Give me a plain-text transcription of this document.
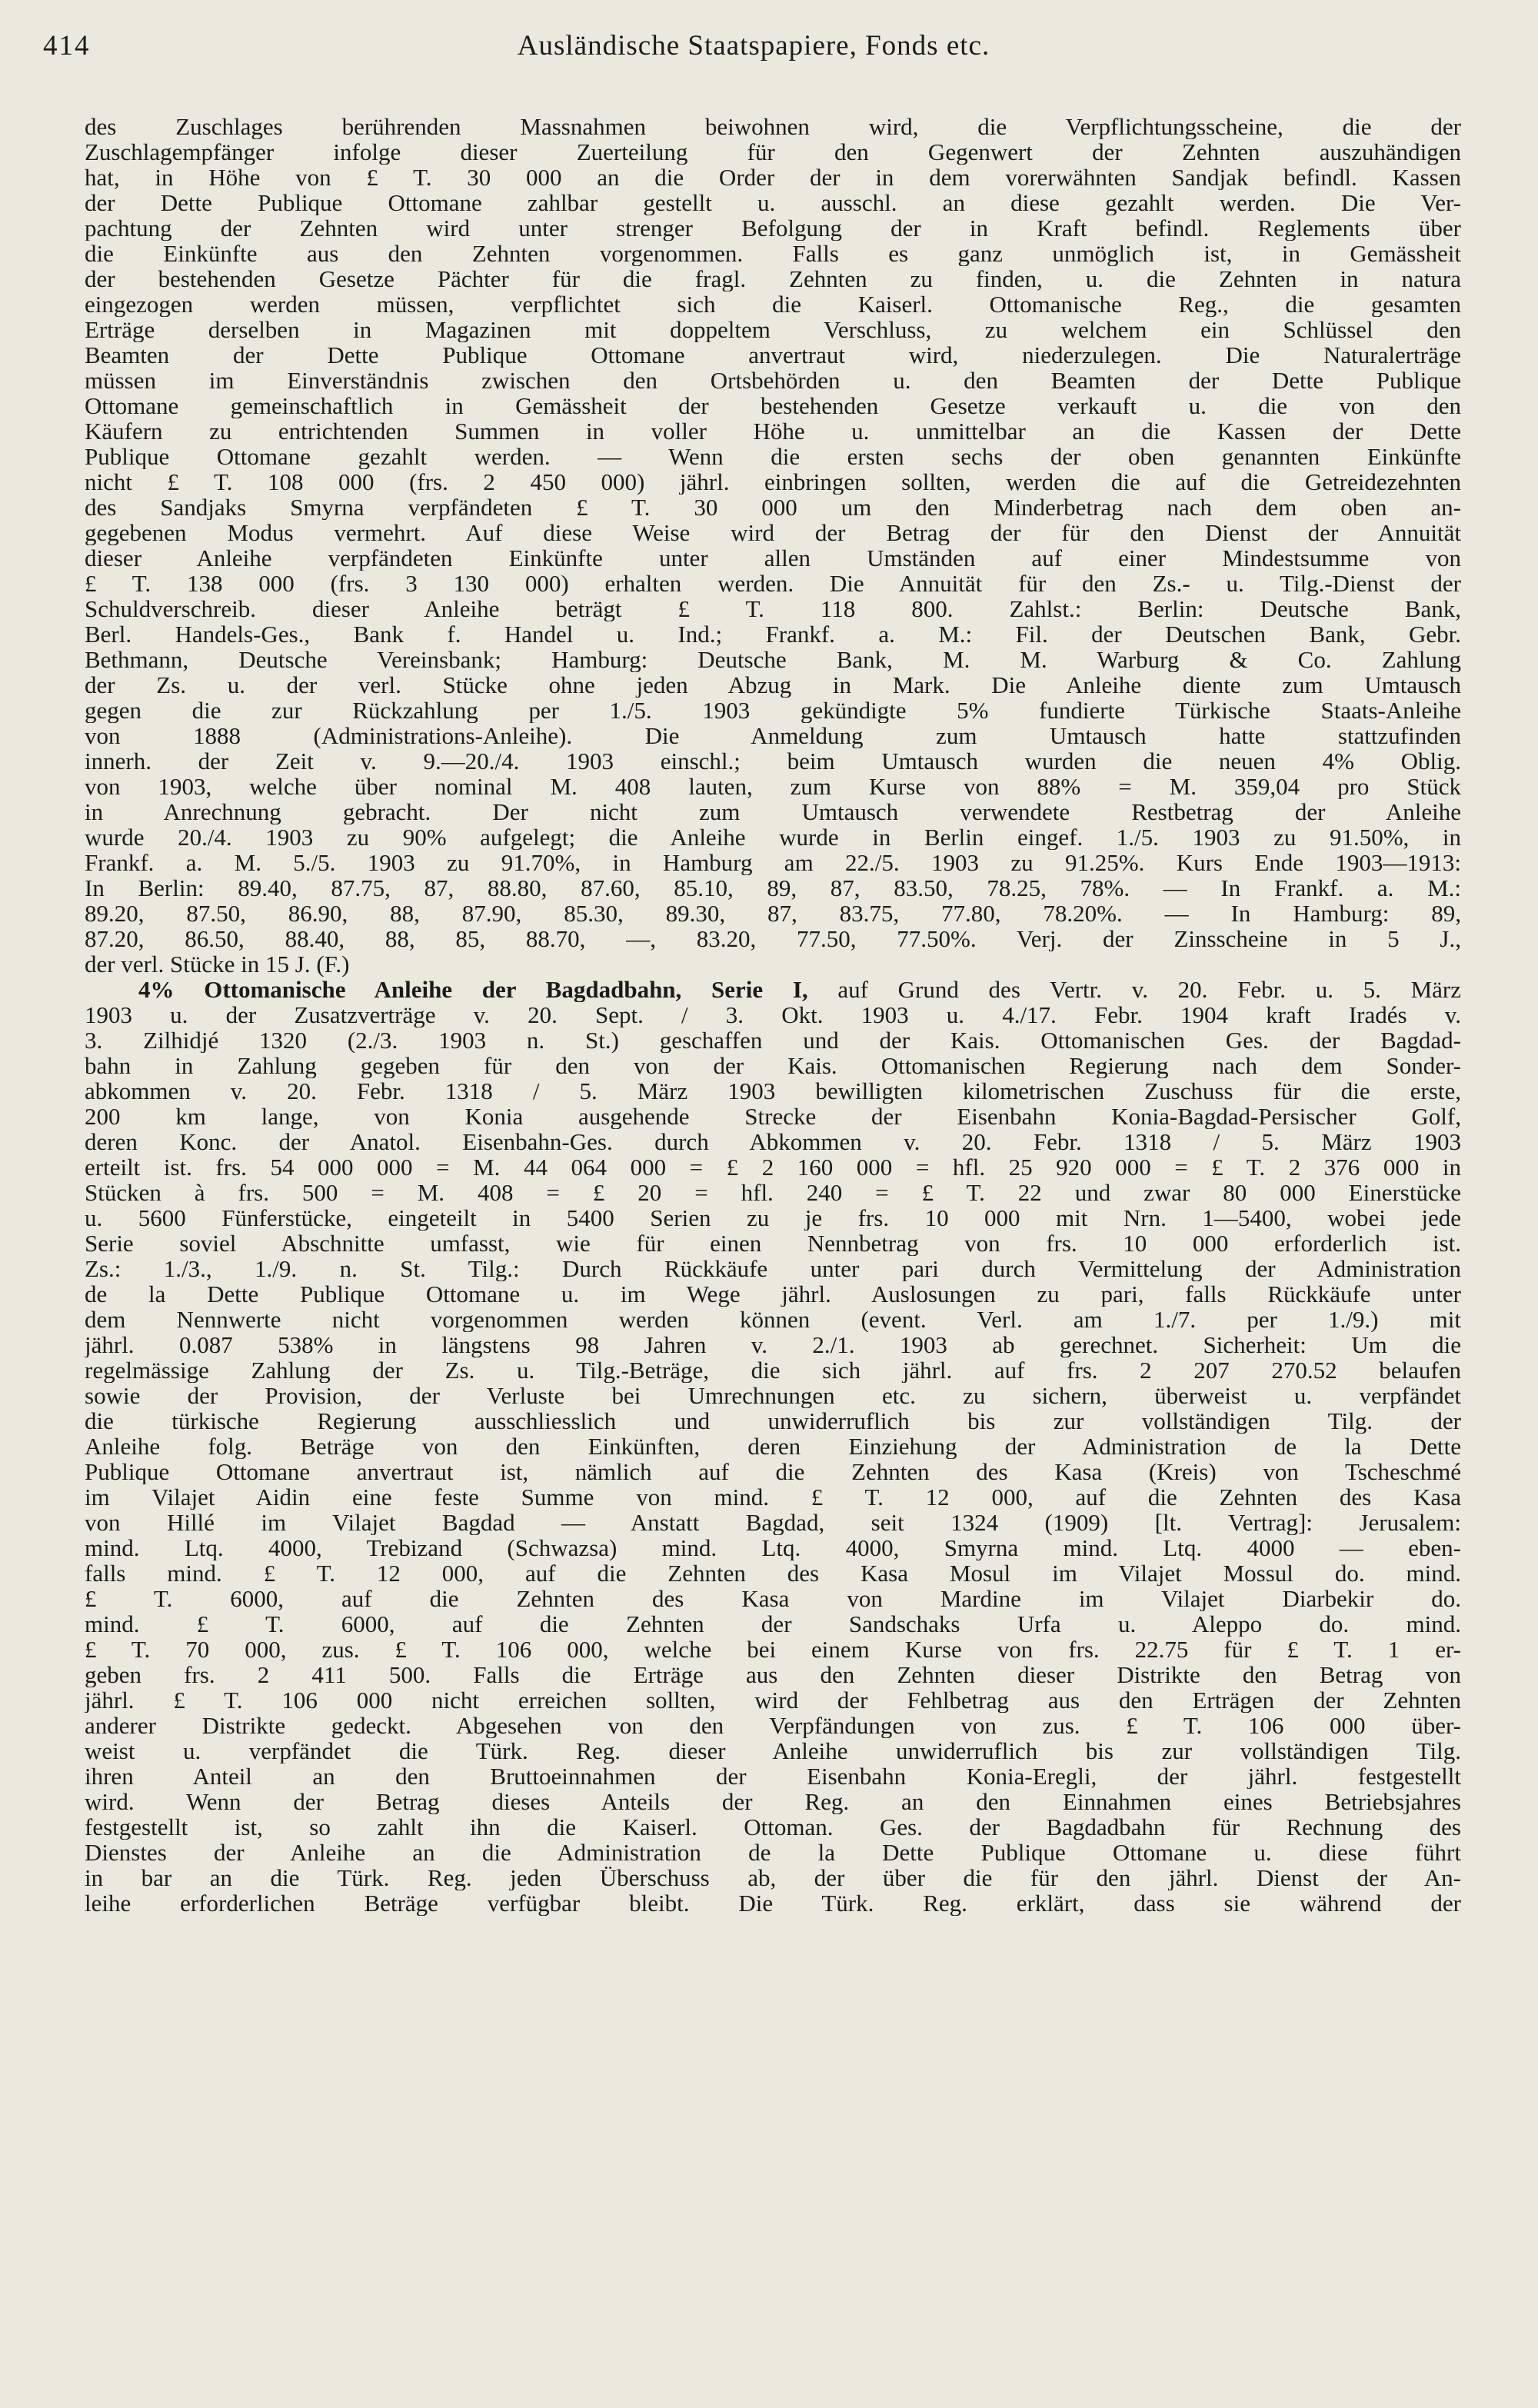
414	Ausländische Staatspapiere, Fonds etc.
des Zuschlages berührenden Massnahmen beiwohnen wird, die Verpflichtungsscheine, die der
Zuschlagempfänger infolge dieser Zuerteilung für den Gegenwert der Zehnten auszuhändigen
hat, in Höhe von £ T. 30 000 an die Order der in dem vorerwähnten Sandjak befindl. Kassen
der Dette Publique Ottomane zahlbar gestellt u. ausschl. an diese gezahlt werden. Die Ver-
pachtung der Zehnten wird unter strenger Befolgung der in Kraft befindl. Reglements über
die Einkünfte aus den Zehnten vorgenommen. Falls es ganz unmöglich ist, in Gemässheit
der bestehenden Gesetze Pächter für die fragl. Zehnten zu finden, u. die Zehnten in natura
eingezogen werden müssen, verpflichtet sich die Kaiserl. Ottomanische Reg., die gesamten
Erträge derselben in Magazinen mit doppeltem Verschluss, zu welchem ein Schlüssel den
Beamten der Dette Publique Ottomane anvertraut wird, niederzulegen. Die Naturalerträge
müssen im Einverständnis zwischen den Ortsbehörden u. den Beamten der Dette Publique
Ottomane gemeinschaftlich in Gemässheit der bestehenden Gesetze verkauft u. die von den
Käufern zu entrichtenden Summen in voller Höhe u. unmittelbar an die Kassen der Dette
Publique Ottomane gezahlt werden. — Wenn die ersten sechs der oben genannten Einkünfte
nicht £ T. 108 000 (frs. 2 450 000) jährl. einbringen sollten, werden die auf die Getreidezehnten
des Sandjaks Smyrna verpfändeten £ T. 30 000 um den Minderbetrag nach dem oben an-
gegebenen Modus vermehrt. Auf diese Weise wird der Betrag der für den Dienst der Annuität
dieser Anleihe verpfändeten Einkünfte unter allen Umständen auf einer Mindestsumme von
£ T. 138 000 (frs. 3 130 000) erhalten werden. Die Annuität für den Zs.- u. Tilg.-Dienst der
Schuldverschreib. dieser Anleihe beträgt £ T. 118 800. Zahlst.: Berlin: Deutsche Bank,
Berl. Handels-Ges., Bank f. Handel u. Ind.; Frankf. a. M.: Fil. der Deutschen Bank, Gebr.
Bethmann, Deutsche Vereinsbank; Hamburg: Deutsche Bank, M. M. Warburg & Co. Zahlung
der Zs. u. der verl. Stücke ohne jeden Abzug in Mark. Die Anleihe diente zum Umtausch
gegen die zur Rückzahlung per 1./5. 1903 gekündigte 5% fundierte Türkische Staats-Anleihe
von 1888 (Administrations-Anleihe). Die Anmeldung zum Umtausch hatte stattzufinden
innerh. der Zeit v. 9.—20./4. 1903 einschl.; beim Umtausch wurden die neuen 4% Oblig.
von 1903, welche über nominal M. 408 lauten, zum Kurse von 88% = M. 359,04 pro Stück
in Anrechnung gebracht. Der nicht zum Umtausch verwendete Restbetrag der Anleihe
wurde 20./4. 1903 zu 90% aufgelegt; die Anleihe wurde in Berlin eingef. 1./5. 1903 zu 91.50%, in
Frankf. a. M. 5./5. 1903 zu 91.70%, in Hamburg am 22./5. 1903 zu 91.25%. Kurs Ende 1903—1913:
In Berlin: 89.40, 87.75, 87, 88.80, 87.60, 85.10, 89, 87, 83.50, 78.25, 78%. — In Frankf. a. M.:
89.20, 87.50, 86.90, 88, 87.90, 85.30, 89.30, 87, 83.75, 77.80, 78.20%. — In Hamburg: 89,
87.20, 86.50, 88.40, 88, 85, 88.70, —, 83.20, 77.50, 77.50%. Verj. der Zinsscheine in 5 J.,
der verl. Stücke in 15 J. (F.)
4% Ottomanische Anleihe der Bagdadbahn, Serie I, auf Grund des Vertr. v. 20. Febr. u. 5. März
1903 u. der Zusatzverträge v. 20. Sept. / 3. Okt. 1903 u. 4./17. Febr. 1904 kraft Iradés v.
3. Zilhidjé 1320 (2./3. 1903 n. St.) geschaffen und der Kais. Ottomanischen Ges. der Bagdad-
bahn in Zahlung gegeben für den von der Kais. Ottomanischen Regierung nach dem Sonder-
abkommen v. 20. Febr. 1318 / 5. März 1903 bewilligten kilometrischen Zuschuss für die erste,
200 km lange, von Konia ausgehende Strecke der Eisenbahn Konia-Bagdad-Persischer Golf,
deren Konc. der Anatol. Eisenbahn-Ges. durch Abkommen v. 20. Febr. 1318 / 5. März 1903
erteilt ist. frs. 54 000 000 = M. 44 064 000 = £ 2 160 000 = hfl. 25 920 000 = £ T. 2 376 000 in
Stücken à frs. 500 = M. 408 = £ 20 = hfl. 240 = £ T. 22 und zwar 80 000 Einerstücke
u. 5600 Fünferstücke, eingeteilt in 5400 Serien zu je frs. 10 000 mit Nrn. 1—5400, wobei jede
Serie soviel Abschnitte umfasst, wie für einen Nennbetrag von frs. 10 000 erforderlich ist.
Zs.: 1./3., 1./9. n. St. Tilg.: Durch Rückkäufe unter pari durch Vermittelung der Administration
de la Dette Publique Ottomane u. im Wege jährl. Auslosungen zu pari, falls Rückkäufe unter
dem Nennwerte nicht vorgenommen werden können (event. Verl. am 1./7. per 1./9.) mit
jährl. 0.087 538% in längstens 98 Jahren v. 2./1. 1903 ab gerechnet. Sicherheit: Um die
regelmässige Zahlung der Zs. u. Tilg.-Beträge, die sich jährl. auf frs. 2 207 270.52 belaufen
sowie der Provision, der Verluste bei Umrechnungen etc. zu sichern, überweist u. verpfändet
die türkische Regierung ausschliesslich und unwiderruflich bis zur vollständigen Tilg. der
Anleihe folg. Beträge von den Einkünften, deren Einziehung der Administration de la Dette
Publique Ottomane anvertraut ist, nämlich auf die Zehnten des Kasa (Kreis) von Tscheschmé
im Vilajet Aidin eine feste Summe von mind. £ T. 12 000, auf die Zehnten des Kasa
von Hillé im Vilajet Bagdad — Anstatt Bagdad, seit 1324 (1909) [lt. Vertrag]: Jerusalem:
mind. Ltq. 4000, Trebizand (Schwazsa) mind. Ltq. 4000, Smyrna mind. Ltq. 4000 — eben-
falls mind. £ T. 12 000, auf die Zehnten des Kasa Mosul im Vilajet Mossul do. mind.
£ T. 6000, auf die Zehnten des Kasa von Mardine im Vilajet Diarbekir do.
mind. £ T. 6000, auf die Zehnten der Sandschaks Urfa u. Aleppo do. mind.
£ T. 70 000, zus. £ T. 106 000, welche bei einem Kurse von frs. 22.75 für £ T. 1 er-
geben frs. 2 411 500. Falls die Erträge aus den Zehnten dieser Distrikte den Betrag von
jährl. £ T. 106 000 nicht erreichen sollten, wird der Fehlbetrag aus den Erträgen der Zehnten
anderer Distrikte gedeckt. Abgesehen von den Verpfändungen von zus. £ T. 106 000 über-
weist u. verpfändet die Türk. Reg. dieser Anleihe unwiderruflich bis zur vollständigen Tilg.
ihren Anteil an den Bruttoeinnahmen der Eisenbahn Konia-Eregli, der jährl. festgestellt
wird. Wenn der Betrag dieses Anteils der Reg. an den Einnahmen eines Betriebsjahres
festgestellt ist, so zahlt ihn die Kaiserl. Ottoman. Ges. der Bagdadbahn für Rechnung des
Dienstes der Anleihe an die Administration de la Dette Publique Ottomane u. diese führt
in bar an die Türk. Reg. jeden Überschuss ab, der über die für den jährl. Dienst der An-
leihe erforderlichen Beträge verfügbar bleibt. Die Türk. Reg. erklärt, dass sie während der
